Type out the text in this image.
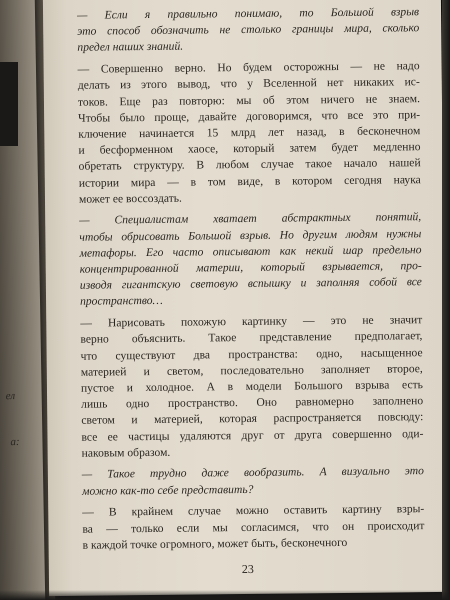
ел
а:
— Если я правильно понимаю, то Большой взрыв
это способ обозначить не столько границы мира, сколько
предел наших знаний.
— Совершенно верно. Но будем осторожны — не надо
делать из этого вывод, что у Вселенной нет никаких ис-
токов. Еще раз повторю: мы об этом ничего не знаем.
Чтобы было проще, давайте договоримся, что все это при-
ключение начинается 15 млрд лет назад, в бесконечном
и бесформенном хаосе, который затем будет медленно
обретать структуру. В любом случае такое начало нашей
истории мира — в том виде, в котором сегодня наука
может ее воссоздать.
— Специалистам хватает абстрактных понятий,
чтобы обрисовать Большой взрыв. Но другим людям нужны
метафоры. Его часто описывают как некий шар предельно
концентрированной материи, который взрывается, про-
изводя гигантскую световую вспышку и заполняя собой все
пространство…
— Нарисовать похожую картинку — это не значит
верно объяснить. Такое представление предполагает,
что существуют два пространства: одно, насыщенное
материей и светом, последовательно заполняет второе,
пустое и холодное. А в модели Большого взрыва есть
лишь одно пространство. Оно равномерно заполнено
светом и материей, которая распространяется повсюду:
все ее частицы удаляются друг от друга совершенно оди-
наковым образом.
— Такое трудно даже вообразить. А визуально это
можно как-то себе представить?
— В крайнем случае можно оставить картину взры-
ва — только если мы согласимся, что он происходит
в каждой точке огромного, может быть, бесконечного
23
